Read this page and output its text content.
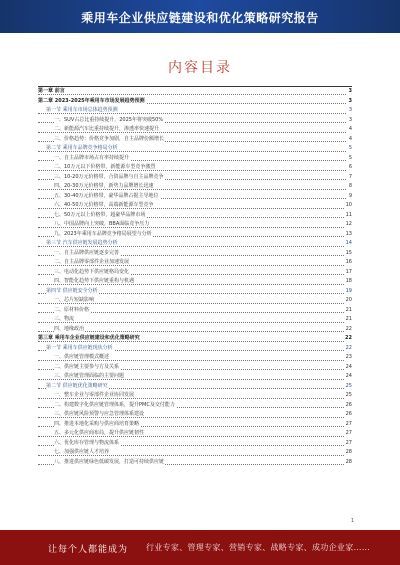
乘用车企业供应链建设和优化策略研究报告
内容目录
第一章 前言	3
第二章 2023-2025年乘用车市场发展趋势预测	3
第一节 乘用车市场总体趋势预测	3
一、SUV占总比重持续提升，2025年将突破50%	3
二、新能源汽车比重持续提升，渗透率快速提升	4
三、价格趋势：价格竞争加剧，自主品牌份额增长	4
第二节 乘用车品牌竞争格局分析	5
一、自主品牌市场占有率持续提升	5
二、10万元以下价格带，新能源车型竞争激烈	6
三、10-20万元价格带，合资品牌与自主品牌竞争	7
四、20-30万元价格带，新势力品牌增长迅速	8
五、30-40万元价格带，豪华品牌占据主导地位	9
六、40-50万元价格带，高端新能源车型竞争	10
七、50万元以上价格带，超豪华品牌市场	11
八、中国品牌向上突破，BBA面临竞争压力	12
九、2023年乘用车品牌竞争格局展望与分析	13
第三节 汽车供应链发展趋势分析	14
一、自主品牌供应链逐步完善	15
二、自主品牌零部件企业加速发展	16
三、电动化趋势下供应链格局变化	17
四、智能化趋势下供应链重构与机遇	18
第四节 供应链安全分析	19
一、芯片短缺影响	20
二、原材料价格	21
三、物流	21
四、地缘政治	22
第三章 乘用车企业供应链建设和优化策略研究	22
第一节 乘用车供应链现状分析	22
一、供应链管理模式概述	23
二、供应链主要参与方及关系	24
三、供应链管理面临的主要问题	24
第二节 供应链优化策略研究	25
一、整车企业与零部件企业协同发展	25
二、构建数字化供应链管理体系，提升PMC及交付能力	26
三、供应链风险预警与应急管理体系建设	26
四、推进本地化采购与供应商培育策略	27
五、多元化供应商布局，提升供应链韧性	27
六、优化库存管理与物流体系	27
七、加强供应链人才培养	28
八、推进供应链绿色低碳发展，打造可持续供应链	28
1
让每个人都能成为 行业专家、管理专家、营销专家、战略专家、成功企业家……
